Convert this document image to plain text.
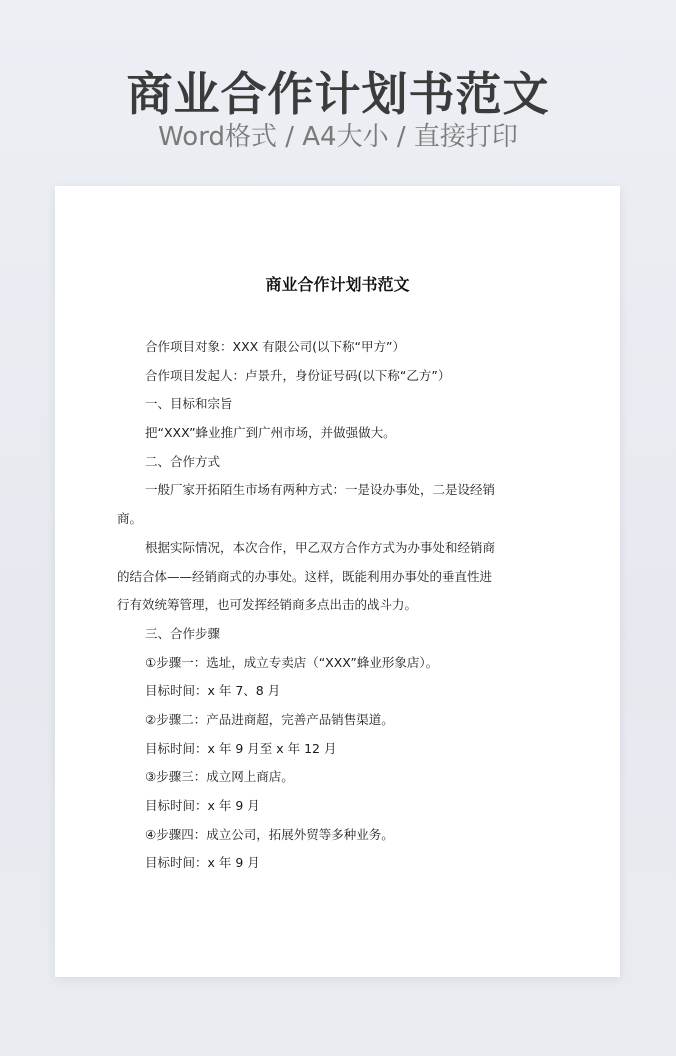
商业合作计划书范文
Word格式 / A4大小 / 直接打印
商业合作计划书范文
合作项目对象：XXX 有限公司(以下称“甲方”）
合作项目发起人：卢景升，身份证号码(以下称“乙方”）
一、目标和宗旨
把“XXX”蜂业推广到广州市场，并做强做大。
二、合作方式
一般厂家开拓陌生市场有两种方式：一是设办事处，二是设经销
商。
根据实际情况，本次合作，甲乙双方合作方式为办事处和经销商
的结合体——经销商式的办事处。这样，既能利用办事处的垂直性进
行有效统筹管理，也可发挥经销商多点出击的战斗力。
三、合作步骤
①步骤一：选址，成立专卖店（“XXX”蜂业形象店）。
目标时间：x 年 7、8 月
②步骤二：产品进商超，完善产品销售渠道。
目标时间：x 年 9 月至 x 年 12 月
③步骤三：成立网上商店。
目标时间：x 年 9 月
④步骤四：成立公司，拓展外贸等多种业务。
目标时间：x 年 9 月
